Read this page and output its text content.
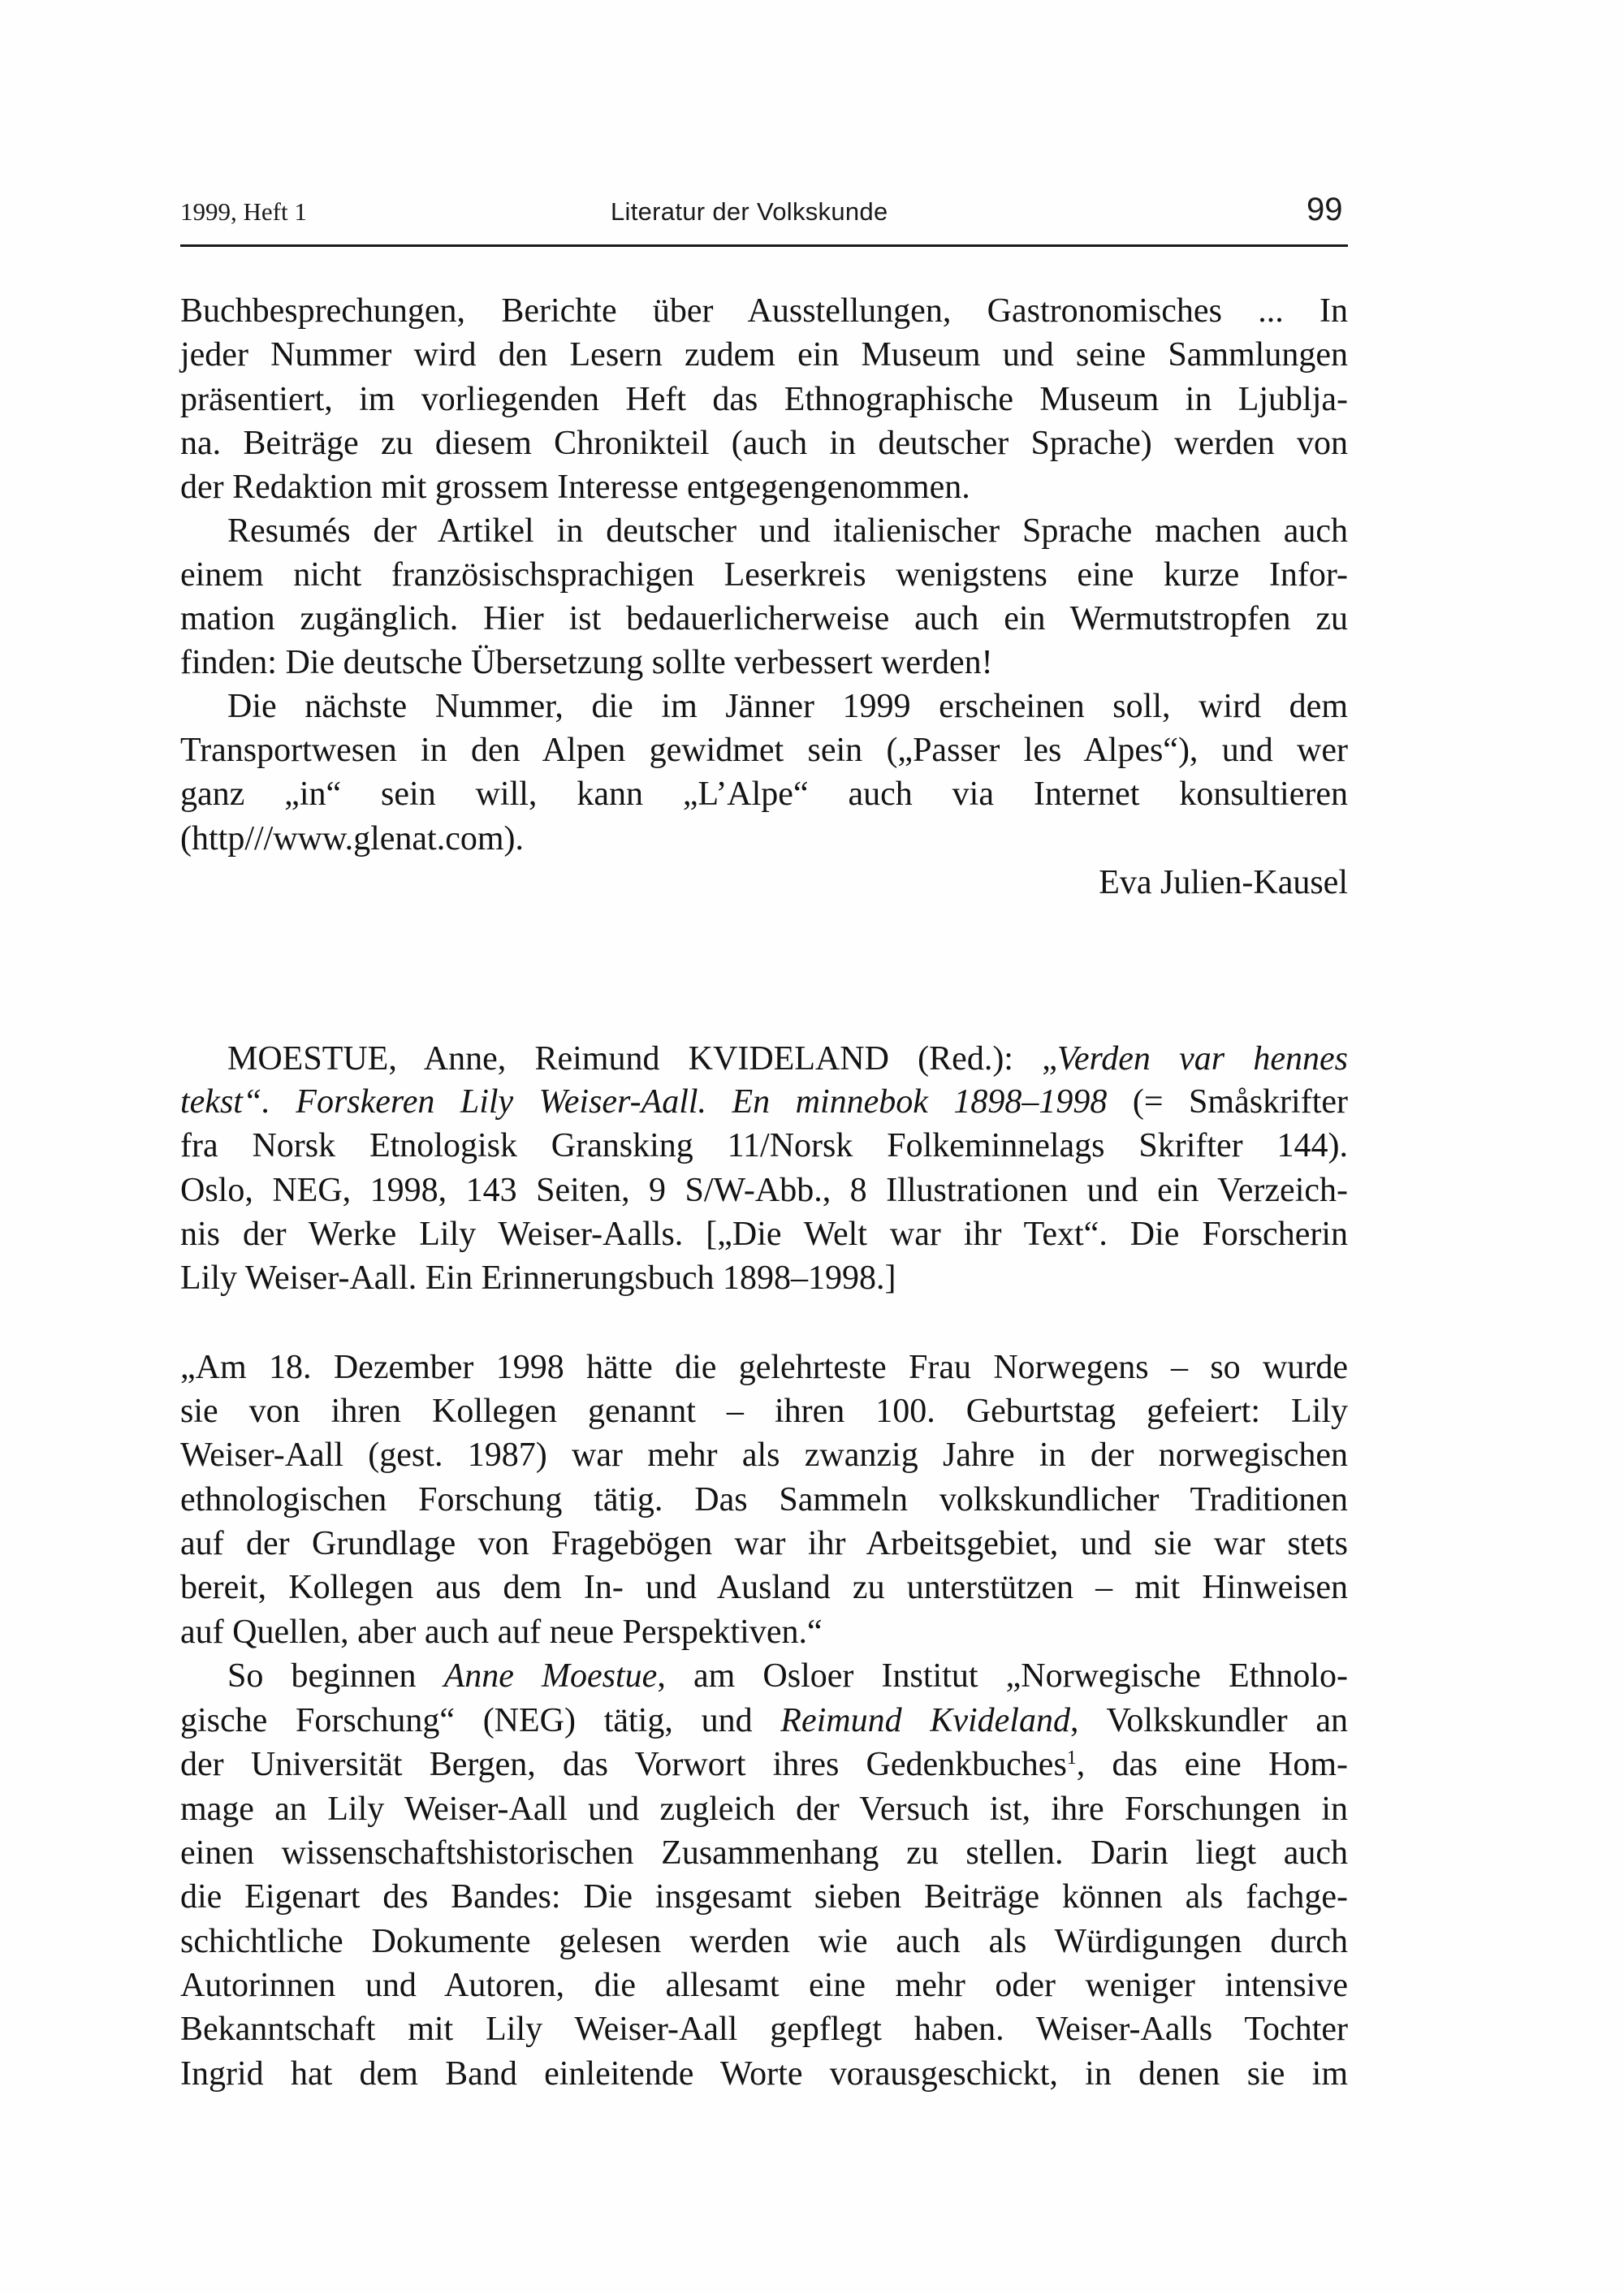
1999, Heft 1	Literatur der Volkskunde	99
Buchbesprechungen, Berichte über Ausstellungen, Gastronomisches ... In
jeder Nummer wird den Lesern zudem ein Museum und seine Sammlungen
präsentiert, im vorliegenden Heft das Ethnographische Museum in Ljublja-
na. Beiträge zu diesem Chronikteil (auch in deutscher Sprache) werden von
der Redaktion mit grossem Interesse entgegengenommen.
Resumés der Artikel in deutscher und italienischer Sprache machen auch
einem nicht französischsprachigen Leserkreis wenigstens eine kurze Infor-
mation zugänglich. Hier ist bedauerlicherweise auch ein Wermutstropfen zu
finden: Die deutsche Übersetzung sollte verbessert werden!
Die nächste Nummer, die im Jänner 1999 erscheinen soll, wird dem
Transportwesen in den Alpen gewidmet sein („Passer les Alpes“), und wer
ganz „in“ sein will, kann „L’Alpe“ auch via Internet konsultieren
(http///www.glenat.com).
Eva Julien-Kausel
MOESTUE, Anne, Reimund KVIDELAND (Red.): „Verden var hennes
tekst“. Forskeren Lily Weiser-Aall. En minnebok 1898–1998 (= Småskrifter
fra Norsk Etnologisk Gransking 11/Norsk Folkeminnelags Skrifter 144).
Oslo, NEG, 1998, 143 Seiten, 9 S/W-Abb., 8 Illustrationen und ein Verzeich-
nis der Werke Lily Weiser-Aalls. [„Die Welt war ihr Text“. Die Forscherin
Lily Weiser-Aall. Ein Erinnerungsbuch 1898–1998.]
„Am 18. Dezember 1998 hätte die gelehrteste Frau Norwegens – so wurde
sie von ihren Kollegen genannt – ihren 100. Geburtstag gefeiert: Lily
Weiser-Aall (gest. 1987) war mehr als zwanzig Jahre in der norwegischen
ethnologischen Forschung tätig. Das Sammeln volkskundlicher Traditionen
auf der Grundlage von Fragebögen war ihr Arbeitsgebiet, und sie war stets
bereit, Kollegen aus dem In- und Ausland zu unterstützen – mit Hinweisen
auf Quellen, aber auch auf neue Perspektiven.“
So beginnen Anne Moestue, am Osloer Institut „Norwegische Ethnolo-
gische Forschung“ (NEG) tätig, und Reimund Kvideland, Volkskundler an
der Universität Bergen, das Vorwort ihres Gedenkbuches$^1$, das eine Hom-
mage an Lily Weiser-Aall und zugleich der Versuch ist, ihre Forschungen in
einen wissenschaftshistorischen Zusammenhang zu stellen. Darin liegt auch
die Eigenart des Bandes: Die insgesamt sieben Beiträge können als fachge-
schichtliche Dokumente gelesen werden wie auch als Würdigungen durch
Autorinnen und Autoren, die allesamt eine mehr oder weniger intensive
Bekanntschaft mit Lily Weiser-Aall gepflegt haben. Weiser-Aalls Tochter
Ingrid hat dem Band einleitende Worte vorausgeschickt, in denen sie im
